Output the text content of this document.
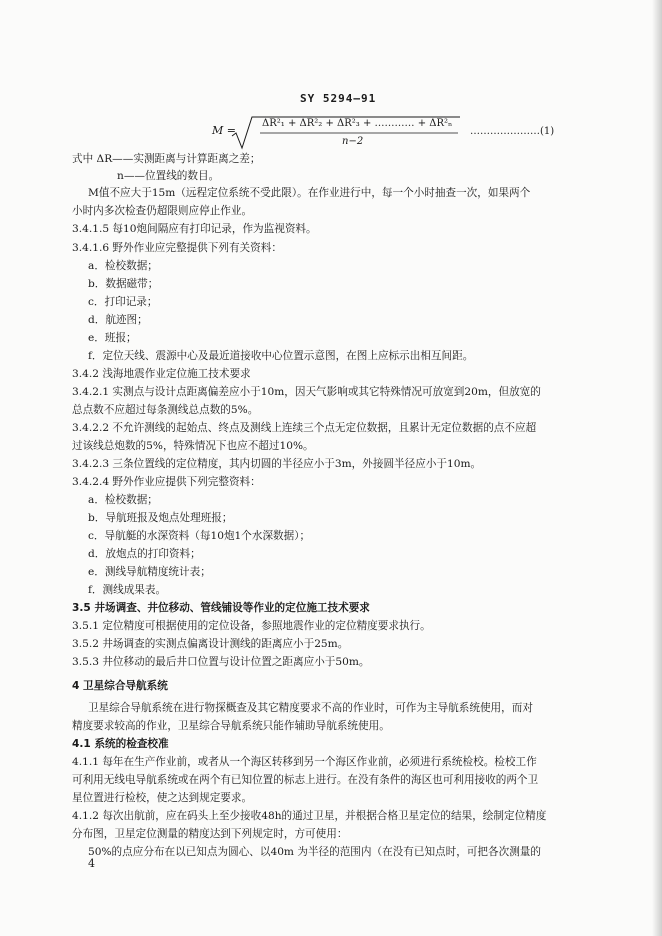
SY 5294—91
M =
ΔR²₁ + ΔR²₂ + ΔR²₃ + ………… + ΔR²ₙ
n−2
…………………(1)
式中 ΔR——实测距离与计算距离之差；
n——位置线的数目。
M值不应大于15m（远程定位系统不受此限）。在作业进行中，每一个小时抽查一次，如果两个
小时内多次检查仍超限则应停止作业。
3.4.1.5 每10炮间隔应有打印记录，作为监视资料。
3.4.1.6 野外作业应完整提供下列有关资料：
a．检校数据；
b．数据磁带；
c．打印记录；
d．航迹图；
e．班报；
f．定位天线、震源中心及最近道接收中心位置示意图，在图上应标示出相互间距。
3.4.2 浅海地震作业定位施工技术要求
3.4.2.1 实测点与设计点距离偏差应小于10m，因天气影响或其它特殊情况可放宽到20m，但放宽的
总点数不应超过每条测线总点数的5%。
3.4.2.2 不允许测线的起始点、终点及测线上连续三个点无定位数据，且累计无定位数据的点不应超
过该线总炮数的5%，特殊情况下也应不超过10%。
3.4.2.3 三条位置线的定位精度，其内切圆的半径应小于3m，外接圆半径应小于10m。
3.4.2.4 野外作业应提供下列完整资料：
a．检校数据；
b．导航班报及炮点处理班报；
c．导航艇的水深资料（每10炮1个水深数据）；
d．放炮点的打印资料；
e．测线导航精度统计表；
f．测线成果表。
3.5 井场调查、井位移动、管线铺设等作业的定位施工技术要求
3.5.1 定位精度可根据使用的定位设备，参照地震作业的定位精度要求执行。
3.5.2 井场调查的实测点偏离设计测线的距离应小于25m。
3.5.3 井位移动的最后井口位置与设计位置之距离应小于50m。
4 卫星综合导航系统
卫星综合导航系统在进行物探概查及其它精度要求不高的作业时，可作为主导航系统使用，而对
精度要求较高的作业，卫星综合导航系统只能作辅助导航系统使用。
4.1 系统的检查校准
4.1.1 每年在生产作业前，或者从一个海区转移到另一个海区作业前，必须进行系统检校。检校工作
可利用无线电导航系统或在两个有已知位置的标志上进行。在没有条件的海区也可利用接收的两个卫
星位置进行检校，使之达到规定要求。
4.1.2 每次出航前，应在码头上至少接收48h的通过卫星，并根据合格卫星定位的结果，绘制定位精度
分布图，卫星定位测量的精度达到下列规定时，方可使用：
50%的点应分布在以已知点为圆心、以40m 为半径的范围内（在没有已知点时，可把各次测量的
4
